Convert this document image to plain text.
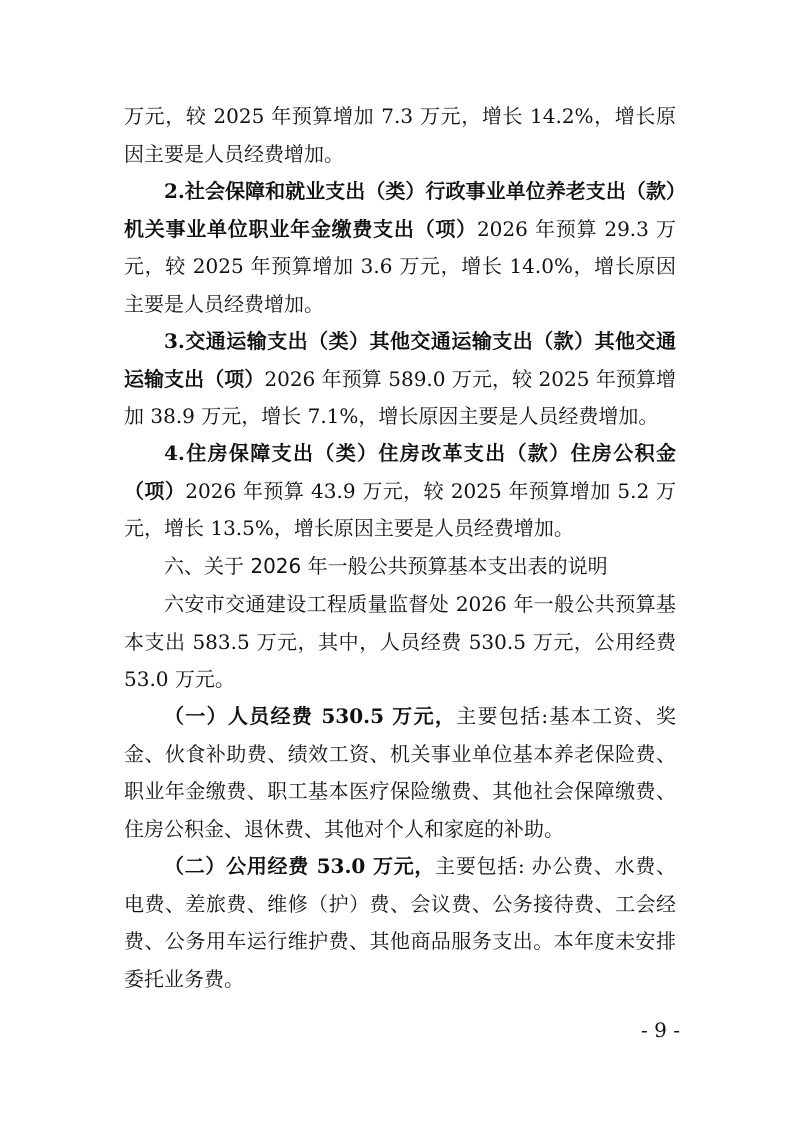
万元，较 2025 年预算增加 7.3 万元，增长 14.2%，增长原因主要是人员经费增加。

2.社会保障和就业支出（类）行政事业单位养老支出（款）机关事业单位职业年金缴费支出（项）2026 年预算 29.3 万元，较 2025 年预算增加 3.6 万元，增长 14.0%，增长原因主要是人员经费增加。

3.交通运输支出（类）其他交通运输支出（款）其他交通运输支出（项）2026 年预算 589.0 万元，较 2025 年预算增加 38.9 万元，增长 7.1%，增长原因主要是人员经费增加。

4.住房保障支出（类）住房改革支出（款）住房公积金（项）2026 年预算 43.9 万元，较 2025 年预算增加 5.2 万元，增长 13.5%，增长原因主要是人员经费增加。

六、关于 2026 年一般公共预算基本支出表的说明

六安市交通建设工程质量监督处 2026 年一般公共预算基本支出 583.5 万元，其中，人员经费 530.5 万元，公用经费 53.0 万元。

（一）人员经费 530.5 万元，主要包括:基本工资、奖金、伙食补助费、绩效工资、机关事业单位基本养老保险费、职业年金缴费、职工基本医疗保险缴费、其他社会保障缴费、住房公积金、退休费、其他对个人和家庭的补助。

（二）公用经费 53.0 万元，主要包括: 办公费、水费、电费、差旅费、维修（护）费、会议费、公务接待费、工会经费、公务用车运行维护费、其他商品服务支出。本年度未安排委托业务费。

- 9 -
